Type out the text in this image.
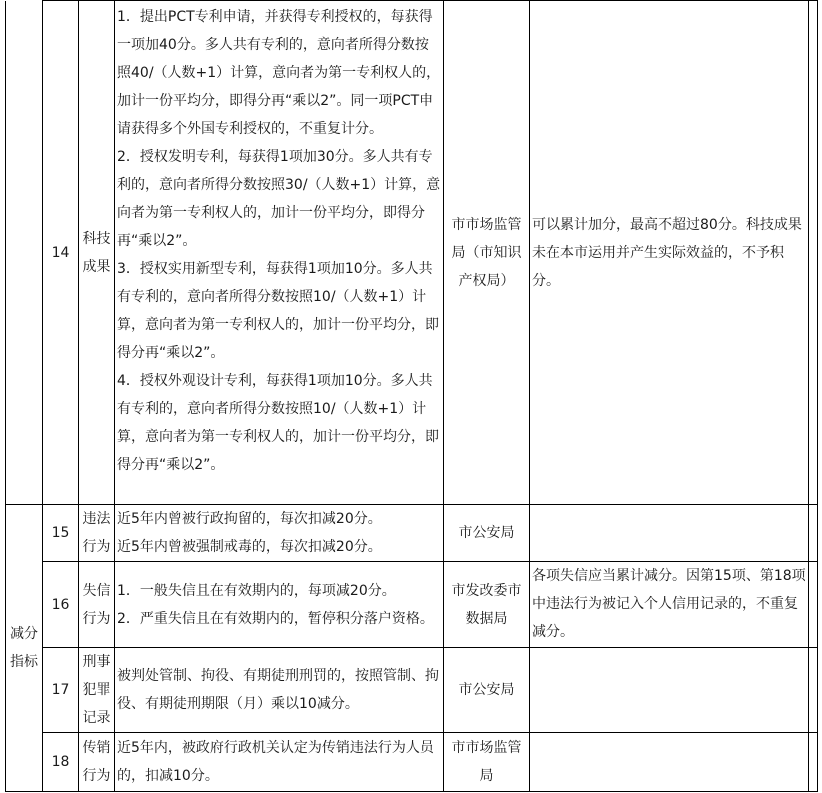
	14	科技成果	1．提出PCT专利申请，并获得专利授权的，每获得一项加40分。多人共有专利的，意向者所得分数按照40/（人数+1）计算，意向者为第一专利权人的，加计一份平均分，即得分再“乘以2”。同一项PCT申请获得多个外国专利授权的，不重复计分。

2．授权发明专利，每获得1项加30分。多人共有专利的，意向者所得分数按照30/（人数+1）计算，意向者为第一专利权人的，加计一份平均分，即得分再“乘以2”。

3．授权实用新型专利，每获得1项加10分。多人共有专利的，意向者所得分数按照10/（人数+1）计算，意向者为第一专利权人的，加计一份平均分，即得分再“乘以2”。

4．授权外观设计专利，每获得1项加10分。多人共有专利的，意向者所得分数按照10/（人数+1）计算，意向者为第一专利权人的，加计一份平均分，即得分再“乘以2”。	市市场监管局（市知识产权局）	可以累计加分，最高不超过80分。科技成果未在本市运用并产生实际效益的，不予积分。	
减分指标	15	违法行为	近5年内曾被行政拘留的，每次扣减20分。

近5年内曾被强制戒毒的，每次扣减20分。	市公安局		
	16	失信行为	1．一般失信且在有效期内的，每项减20分。

2．严重失信且在有效期内的，暂停积分落户资格。	市发改委市数据局	各项失信应当累计减分。因第15项、第18项中违法行为被记入个人信用记录的，不重复减分。	
	17	刑事犯罪记录	被判处管制、拘役、有期徒刑刑罚的，按照管制、拘役、有期徒刑期限（月）乘以10减分。	市公安局		
	18	传销行为	近5年内，被政府行政机关认定为传销违法行为人员的，扣减10分。	市市场监管局		
